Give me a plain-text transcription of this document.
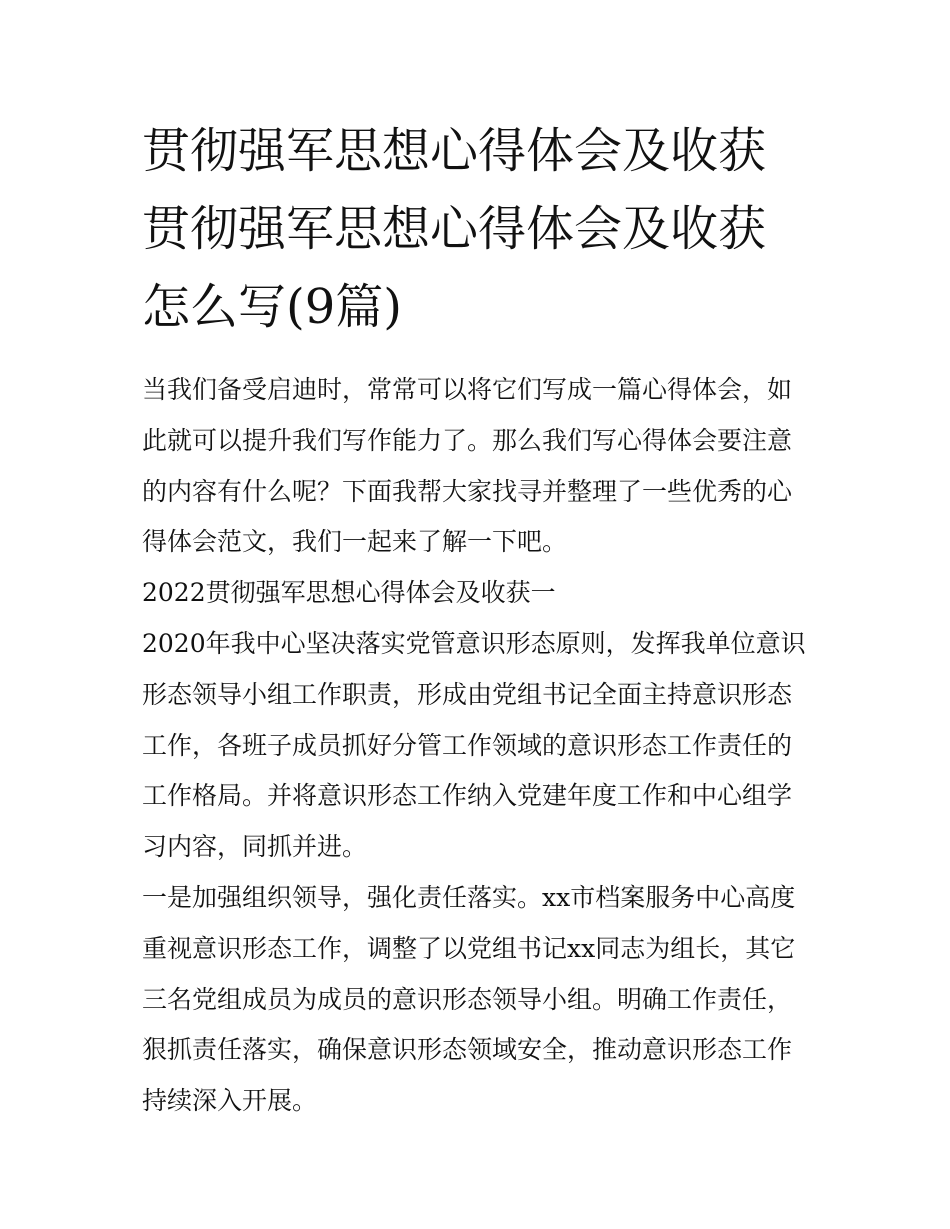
贯彻强军思想心得体会及收获
贯彻强军思想心得体会及收获
怎么写(9篇)

当我们备受启迪时，常常可以将它们写成一篇心得体会，如此就可以提升我们写作能力了。那么我们写心得体会要注意的内容有什么呢？下面我帮大家找寻并整理了一些优秀的心得体会范文，我们一起来了解一下吧。

2022贯彻强军思想心得体会及收获一

2020年我中心坚决落实党管意识形态原则，发挥我单位意识形态领导小组工作职责，形成由党组书记全面主持意识形态工作，各班子成员抓好分管工作领域的意识形态工作责任的工作格局。并将意识形态工作纳入党建年度工作和中心组学习内容，同抓并进。

一是加强组织领导，强化责任落实。xx市档案服务中心高度重视意识形态工作，调整了以党组书记xx同志为组长，其它三名党组成员为成员的意识形态领导小组。明确工作责任，狠抓责任落实，确保意识形态领域安全，推动意识形态工作持续深入开展。
